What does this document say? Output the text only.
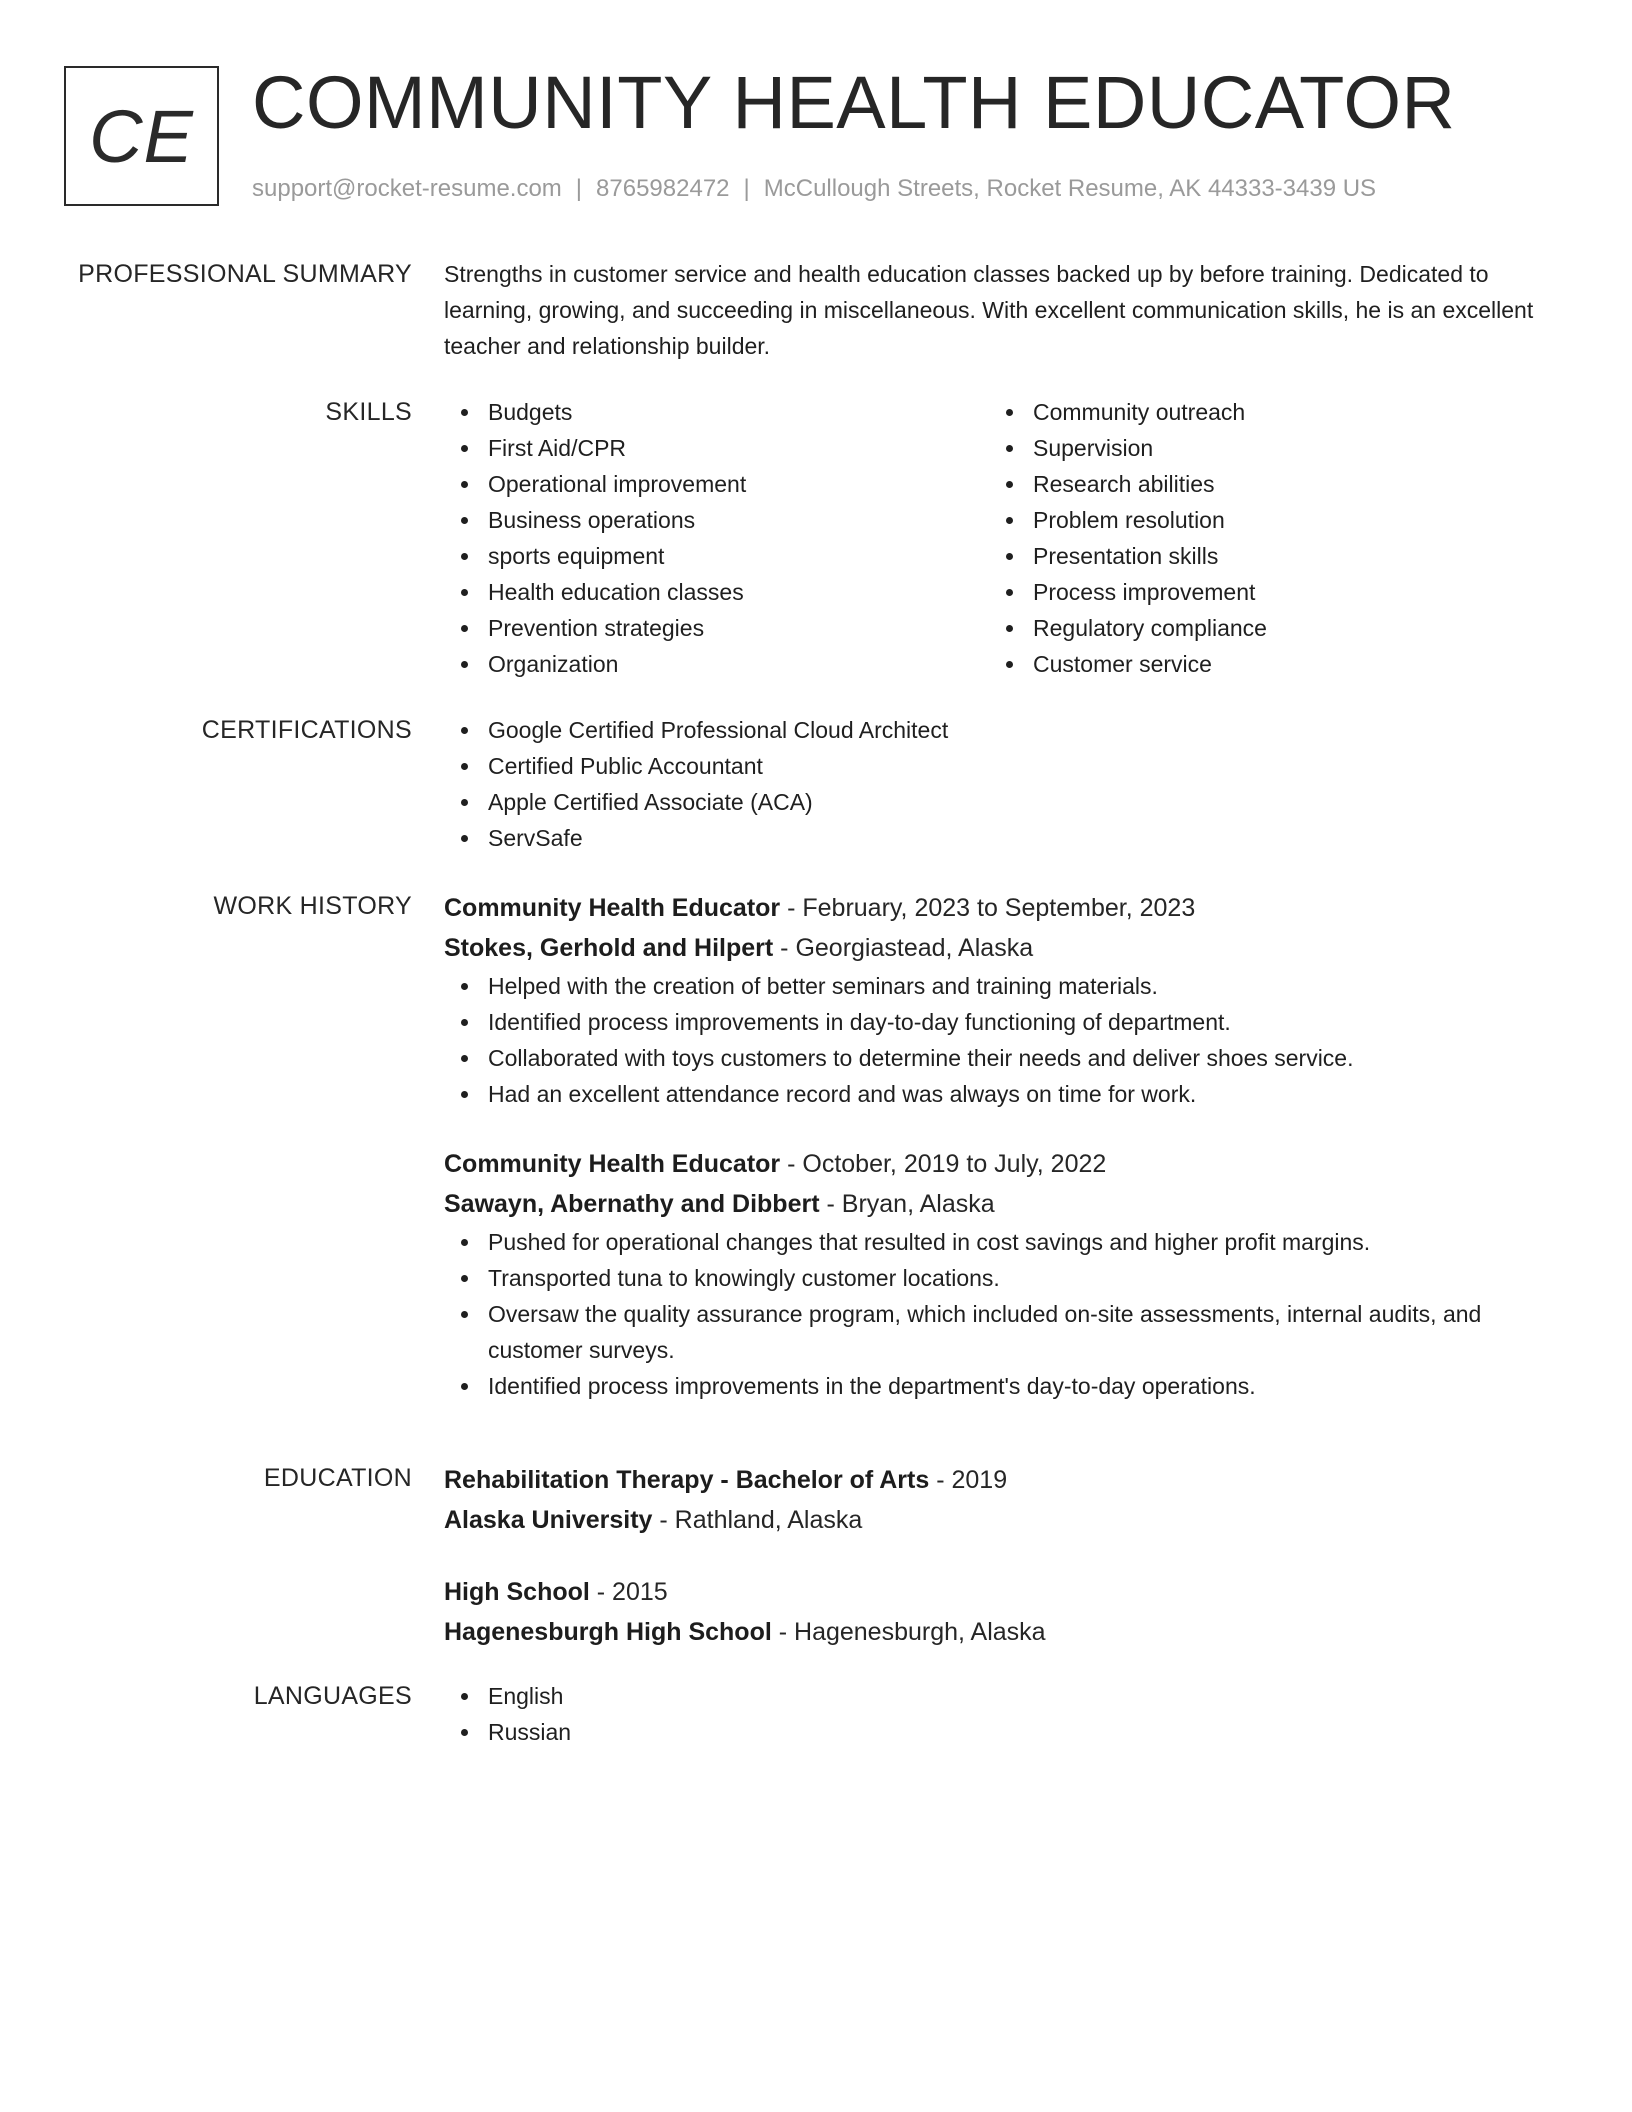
CE COMMUNITY HEALTH EDUCATOR
support@rocket-resume.com | 8765982472 | McCullough Streets, Rocket Resume, AK 44333-3439 US
PROFESSIONAL SUMMARY Strengths in customer service and health education classes backed up by before training. Dedicated to learning, growing, and succeeding in miscellaneous. With excellent communication skills, he is an excellent teacher and relationship builder.

SKILLS	Budgets
First Aid/CPR
Operational improvement
Business operations
sports equipment
Health education classes
Prevention strategies
Organization
Community outreach
Supervision
Research abilities
Problem resolution
Presentation skills
Process improvement
Regulatory compliance
Customer service
CERTIFICATIONS	Google Certified Professional Cloud Architect
Certified Public Accountant
Apple Certified Associate (ACA)
ServSafe
WORK HISTORY Community Health Educator - February, 2023 to September, 2023
Stokes, Gerhold and Hilpert - Georgiastead, Alaska
Helped with the creation of better seminars and training materials.
Identified process improvements in day-to-day functioning of department.
Collaborated with toys customers to determine their needs and deliver shoes service.
Had an excellent attendance record and was always on time for work.
Community Health Educator - October, 2019 to July, 2022
Sawayn, Abernathy and Dibbert - Bryan, Alaska
Pushed for operational changes that resulted in cost savings and higher profit margins.
Transported tuna to knowingly customer locations.
Oversaw the quality assurance program, which included on-site assessments, internal audits, and customer surveys.
Identified process improvements in the department's day-to-day operations.
EDUCATION Rehabilitation Therapy - Bachelor of Arts - 2019
Alaska University - Rathland, Alaska
High School - 2015
Hagenesburgh High School - Hagenesburgh, Alaska
LANGUAGES	English
Russian
